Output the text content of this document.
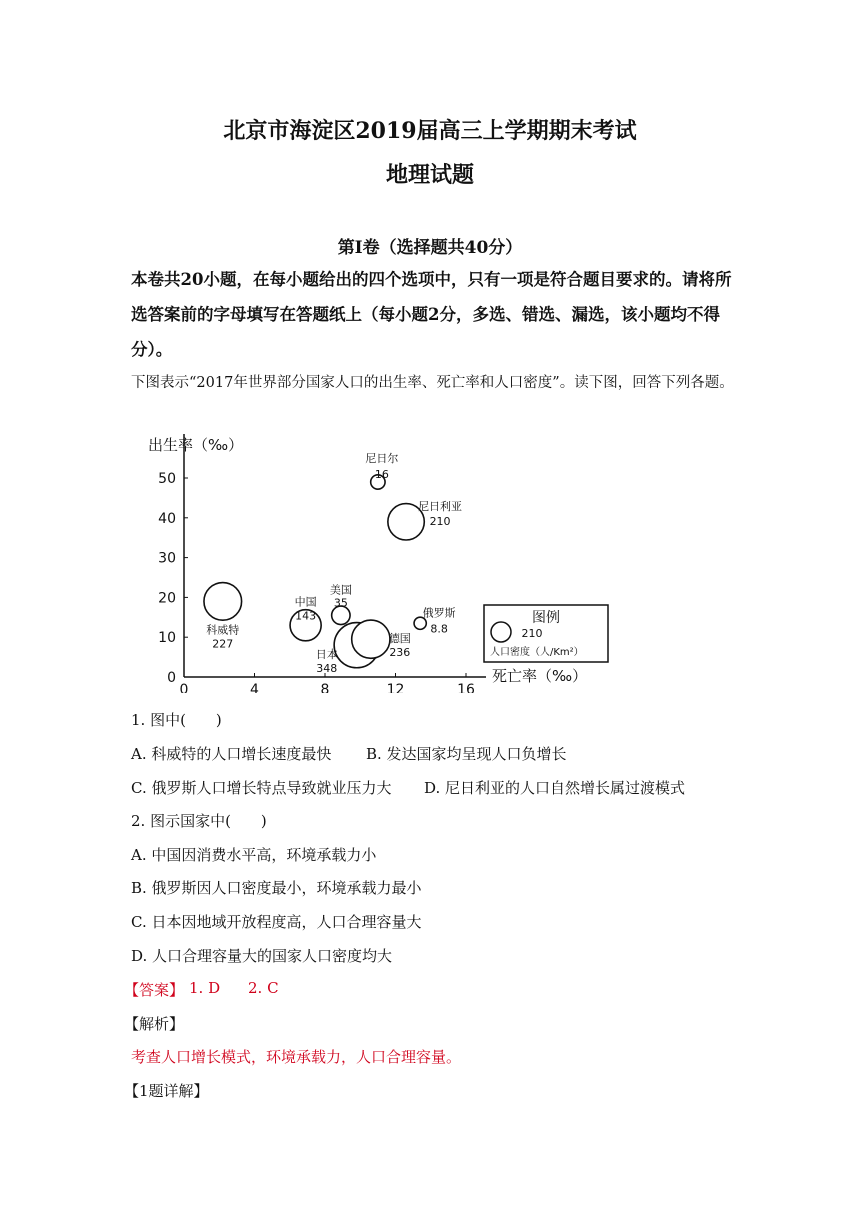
北京市海淀区2019届高三上学期期末考试
地理试题
第Ⅰ卷（选择题共40分）
本卷共20小题，在每小题给出的四个选项中，只有一项是符合题目要求的。请将所选答案前的字母填写在答题纸上（每小题2分，多选、错选、漏选，该小题均不得分）。
下图表示“2017年世界部分国家人口的出生率、死亡率和人口密度”。读下图，回答下列各题。
出生率（‰）
死亡率（‰）
0	4	8	12	16
0
10
20
30
40
50
尼日尔
16
尼日利亚
210
科威特
227
中国
143
美国
35
俄罗斯
8.8
日本
348
德国
236
图例
210
人口密度（人/Km²）
1. 图中(　　)
A. 科威特的人口增长速度最快 B. 发达国家均呈现人口负增长
C. 俄罗斯人口增长特点导致就业压力大 D. 尼日利亚的人口自然增长属过渡模式
2. 图示国家中(　　)
A. 中国因消费水平高，环境承载力小
B. 俄罗斯因人口密度最小，环境承载力最小
C. 日本因地域开放程度高，人口合理容量大
D. 人口合理容量大的国家人口密度均大
【答案】 1. D 2. C
【解析】
考查人口增长模式，环境承载力，人口合理容量。
【1题详解】
